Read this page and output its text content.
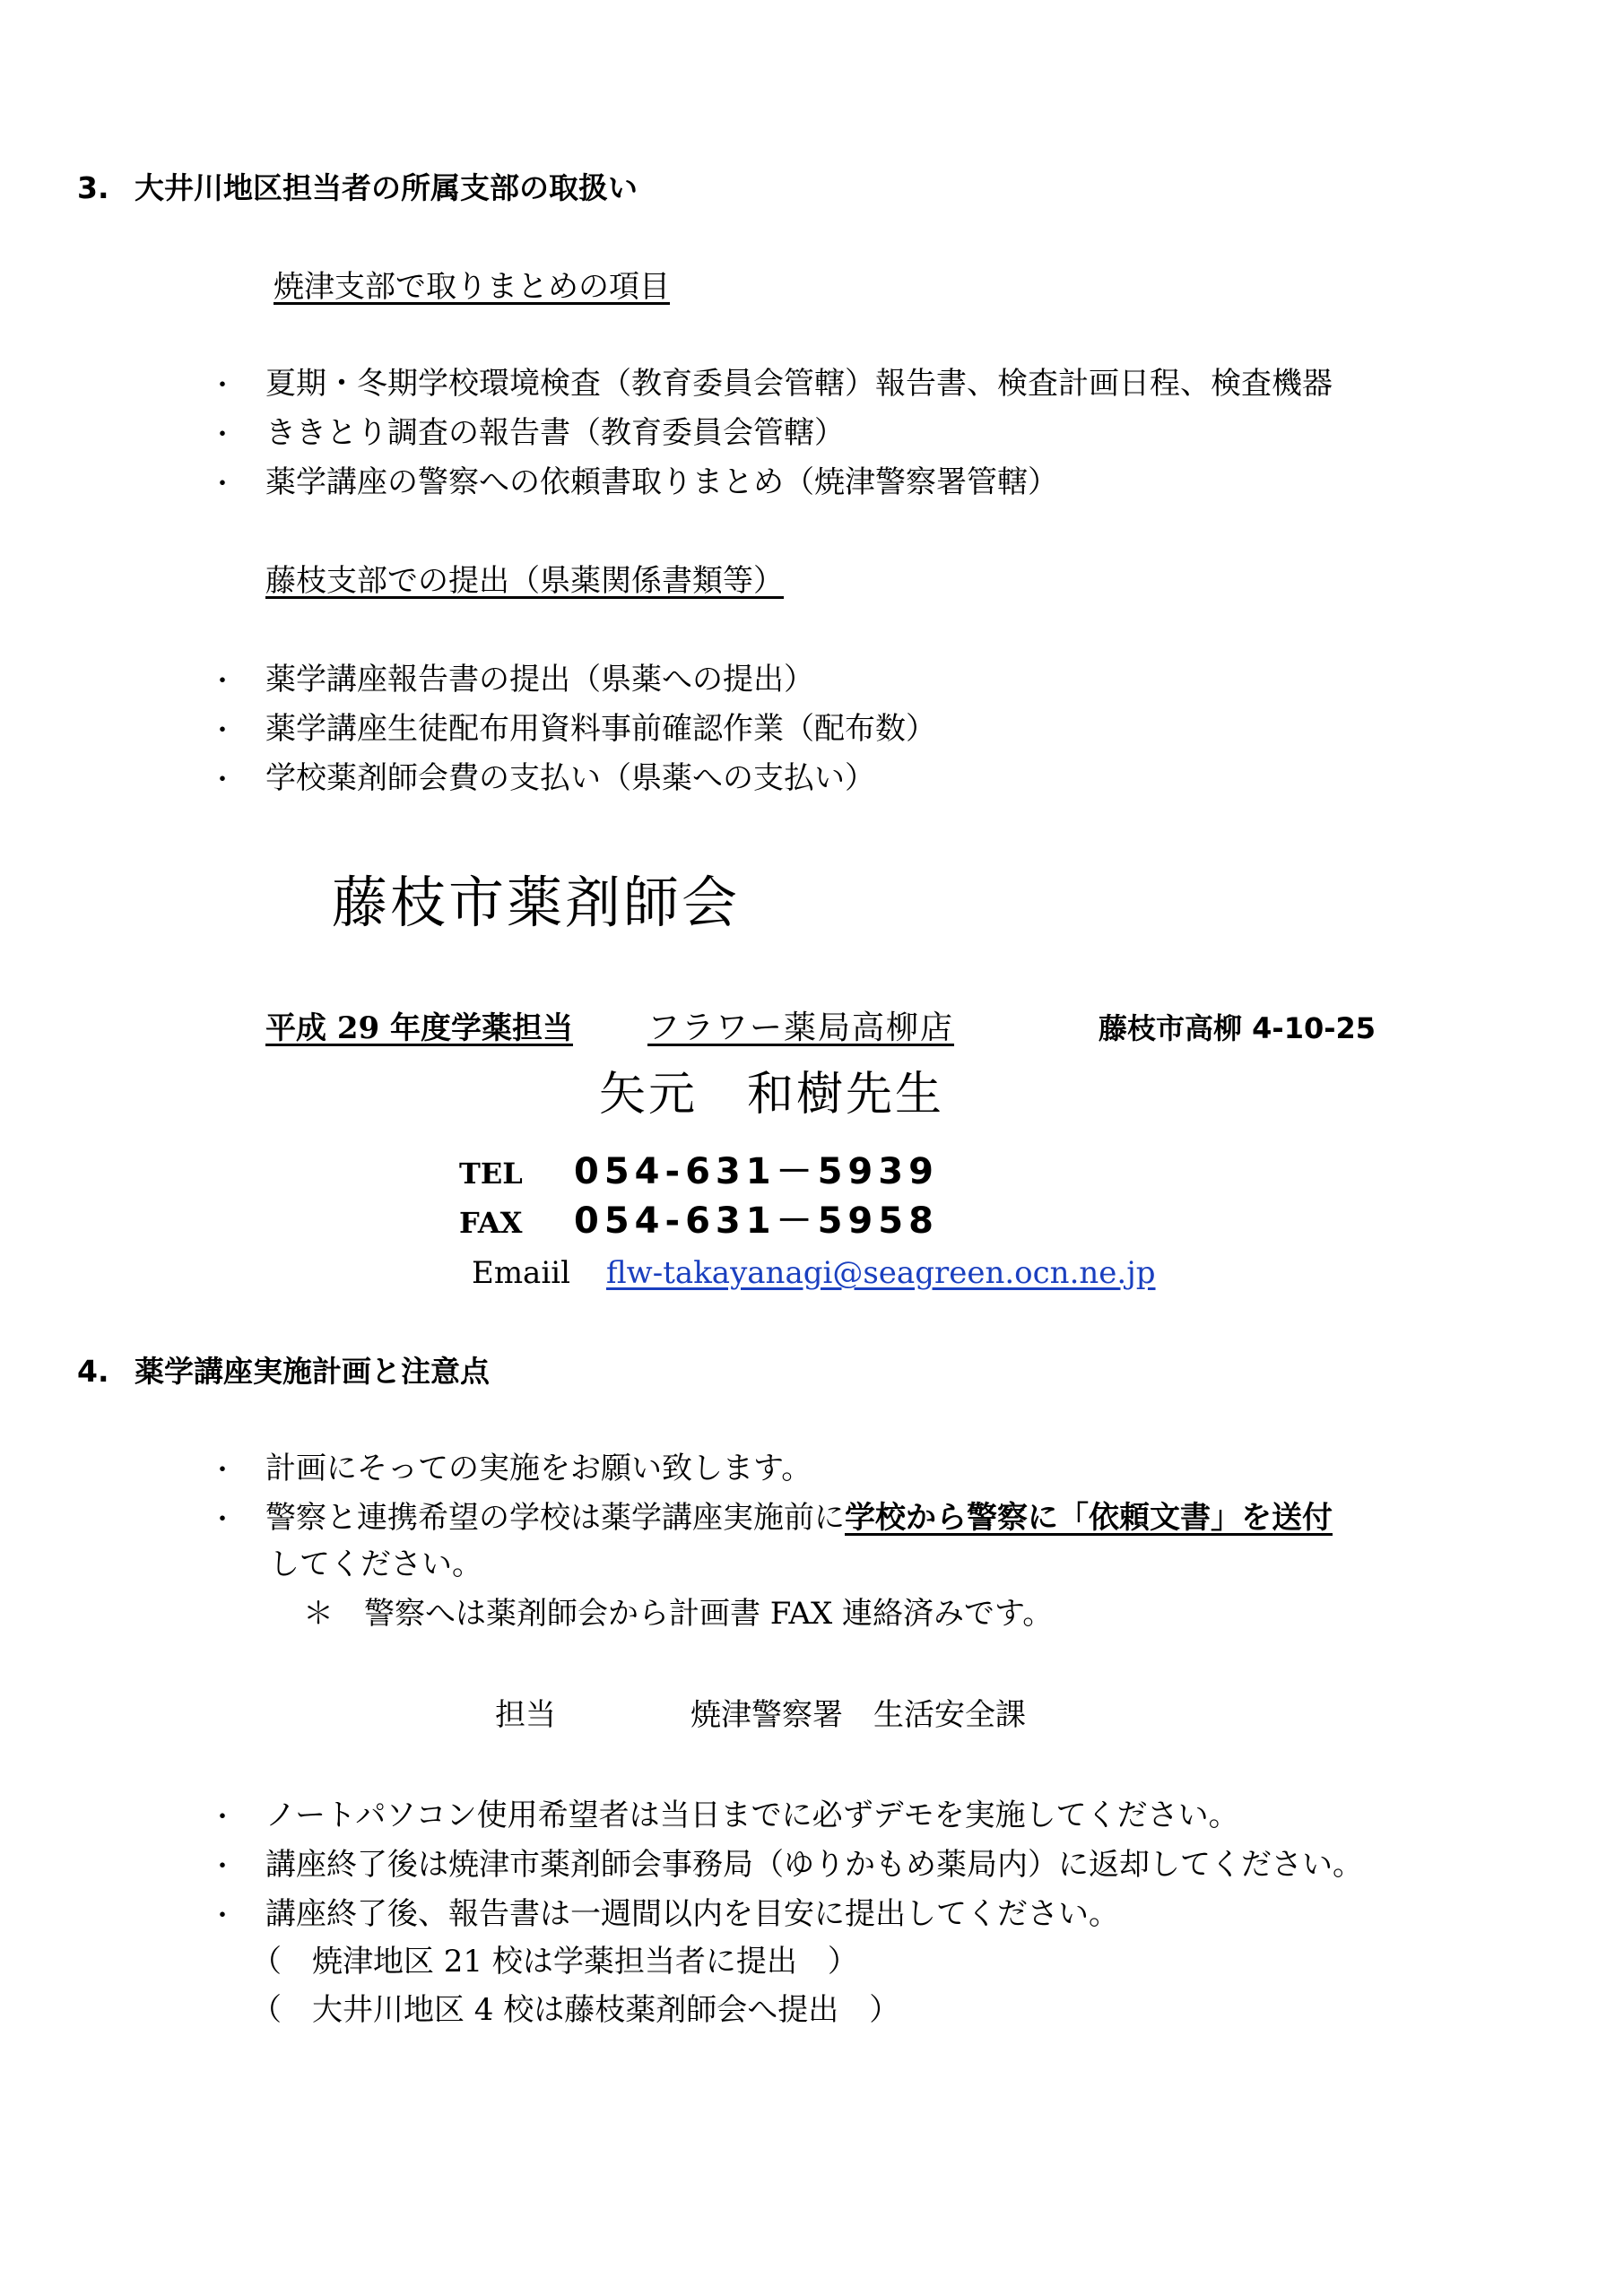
3. 大井川地区担当者の所属支部の取扱い
焼津支部で取りまとめの項目
・ 夏期・冬期学校環境検査（教育委員会管轄）報告書、検査計画日程、検査機器
・ ききとり調査の報告書（教育委員会管轄）
・ 薬学講座の警察への依頼書取りまとめ（焼津警察署管轄）
藤枝支部での提出（県薬関係書類等）
・ 薬学講座報告書の提出（県薬への提出）
・ 薬学講座生徒配布用資料事前確認作業（配布数）
・ 学校薬剤師会費の支払い（県薬への支払い）
藤枝市薬剤師会
平成 29 年度学薬担当 フラワー薬局高柳店	藤枝市高柳 4-10-25
矢元　和樹先生
TEL 054-631－5939
FAX 054-631－5958
Emaiil flw-takayanagi@seagreen.ocn.ne.jp
4. 薬学講座実施計画と注意点
・ 計画にそっての実施をお願い致します。
・ 警察と連携希望の学校は薬学講座実施前に学校から警察に「依頼文書」を送付
してください。
＊　警察へは薬剤師会から計画書 FAX 連絡済みです。
担当	焼津警察署　生活安全課
・ ノートパソコン使用希望者は当日までに必ずデモを実施してください。
・ 講座終了後は焼津市薬剤師会事務局（ゆりかもめ薬局内）に返却してください。
・ 講座終了後、報告書は一週間以内を目安に提出してください。
（　焼津地区 21 校は学薬担当者に提出　）
（　大井川地区 4 校は藤枝薬剤師会へ提出　）
